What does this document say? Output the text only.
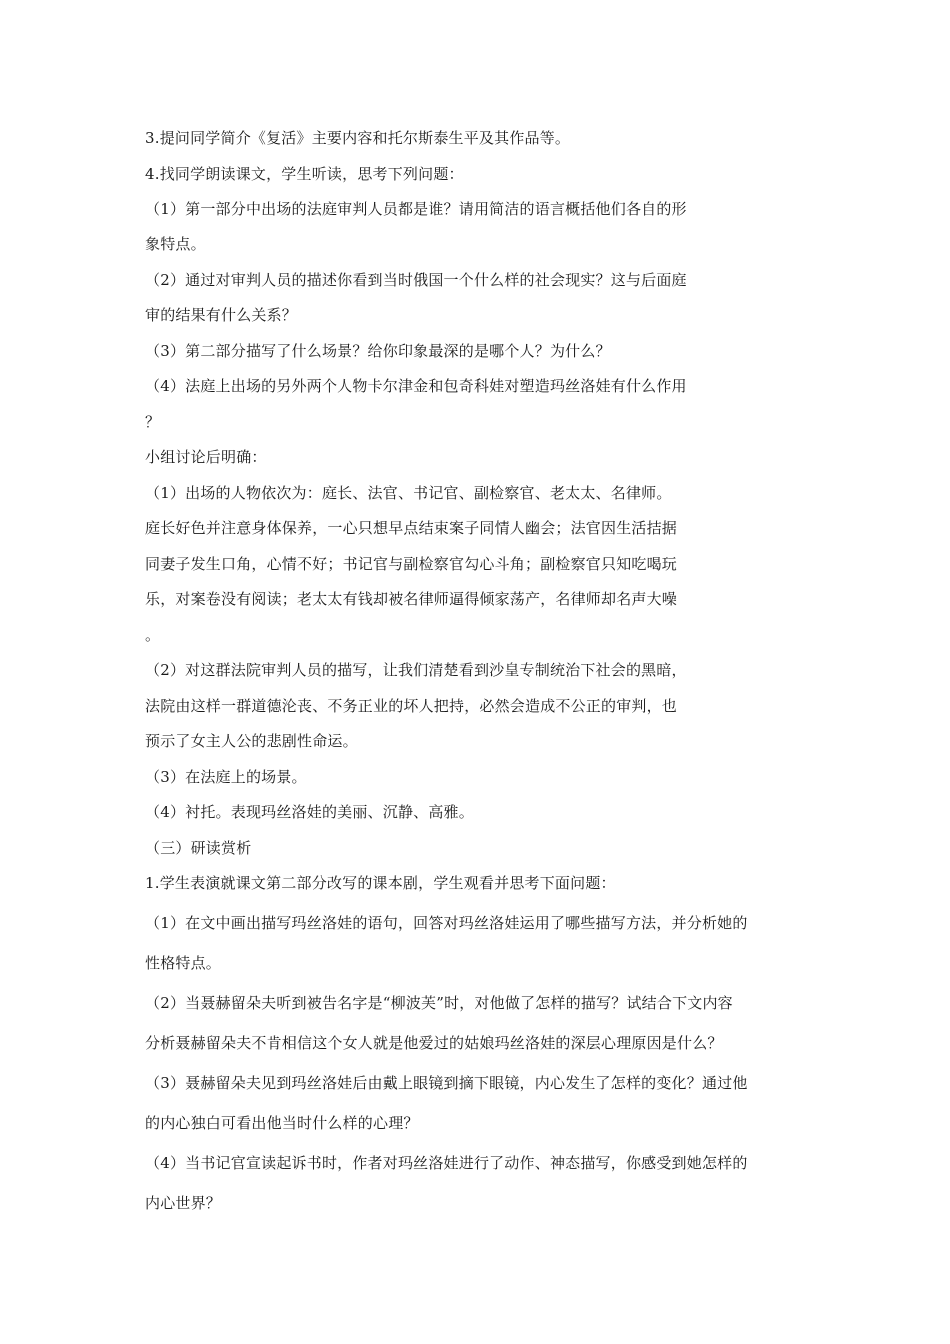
3.提问同学简介《复活》主要内容和托尔斯泰生平及其作品等。
4.找同学朗读课文，学生听读，思考下列问题：
（1）第一部分中出场的法庭审判人员都是谁？请用简洁的语言概括他们各自的形
象特点。
（2）通过对审判人员的描述你看到当时俄国一个什么样的社会现实？这与后面庭
审的结果有什么关系？
（3）第二部分描写了什么场景？给你印象最深的是哪个人？为什么？
（4）法庭上出场的另外两个人物卡尔津金和包奇科娃对塑造玛丝洛娃有什么作用
？
小组讨论后明确：
（1）出场的人物依次为：庭长、法官、书记官、副检察官、老太太、名律师。
庭长好色并注意身体保养，一心只想早点结束案子同情人幽会；法官因生活拮据
同妻子发生口角，心情不好；书记官与副检察官勾心斗角；副检察官只知吃喝玩
乐，对案卷没有阅读；老太太有钱却被名律师逼得倾家荡产，名律师却名声大噪
。
（2）对这群法院审判人员的描写，让我们清楚看到沙皇专制统治下社会的黑暗，
法院由这样一群道德沦丧、不务正业的坏人把持，必然会造成不公正的审判，也
预示了女主人公的悲剧性命运。
（3）在法庭上的场景。
（4）衬托。表现玛丝洛娃的美丽、沉静、高雅。
（三）研读赏析
1.学生表演就课文第二部分改写的课本剧，学生观看并思考下面问题：
（1）在文中画出描写玛丝洛娃的语句，回答对玛丝洛娃运用了哪些描写方法，并分析她的
性格特点。
（2）当聂赫留朵夫听到被告名字是“柳波芙”时，对他做了怎样的描写？试结合下文内容
分析聂赫留朵夫不肯相信这个女人就是他爱过的姑娘玛丝洛娃的深层心理原因是什么？
（3）聂赫留朵夫见到玛丝洛娃后由戴上眼镜到摘下眼镜，内心发生了怎样的变化？通过他
的内心独白可看出他当时什么样的心理？
（4）当书记官宣读起诉书时，作者对玛丝洛娃进行了动作、神态描写，你感受到她怎样的
内心世界？
